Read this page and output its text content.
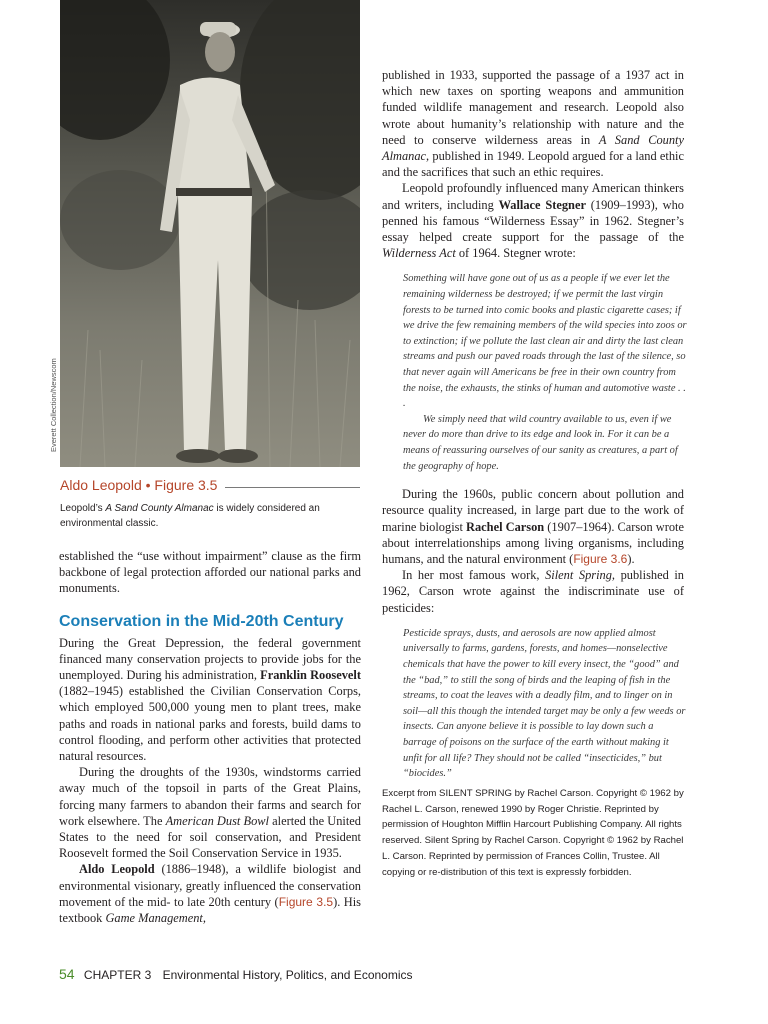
Everett Collection/Newscom
Aldo Leopold • Figure 3.5
Leopold’s A Sand County Almanac is widely considered an environmental classic.

established the “use without impairment” clause as the firm backbone of legal protection afforded our national parks and monuments.

Conservation in the Mid-20th Century

During the Great Depression, the federal government financed many conservation projects to provide jobs for the unemployed. During his administration, Franklin Roosevelt (1882–1945) established the Civilian Conservation Corps, which employed 500,000 young men to plant trees, make paths and roads in national parks and forests, build dams to control flooding, and perform other activities that protected natural resources.

During the droughts of the 1930s, windstorms carried away much of the topsoil in parts of the Great Plains, forcing many farmers to abandon their farms and search for work elsewhere. The American Dust Bowl alerted the United States to the need for soil conservation, and President Roosevelt formed the Soil Conservation Service in 1935.

Aldo Leopold (1886–1948), a wildlife biologist and environmental visionary, greatly influenced the conservation movement of the mid- to late 20th century (Figure 3.5). His textbook Game Management,

published in 1933, supported the passage of a 1937 act in which new taxes on sporting weapons and ammunition funded wildlife management and research. Leopold also wrote about humanity’s relationship with nature and the need to conserve wilderness areas in A Sand County Almanac, published in 1949. Leopold argued for a land ethic and the sacrifices that such an ethic requires.

Leopold profoundly influenced many American thinkers and writers, including Wallace Stegner (1909–1993), who penned his famous “Wilderness Essay” in 1962. Stegner’s essay helped create support for the passage of the Wilderness Act of 1964. Stegner wrote:

Something will have gone out of us as a people if we ever let the remaining wilderness be destroyed; if we permit the last virgin forests to be turned into comic books and plastic cigarette cases; if we drive the few remaining members of the wild species into zoos or to extinction; if we pollute the last clean air and dirty the last clean streams and push our paved roads through the last of the silence, so that never again will Americans be free in their own country from the noise, the exhausts, the stinks of human and automotive waste . . .

We simply need that wild country available to us, even if we never do more than drive to its edge and look in. For it can be a means of reassuring ourselves of our sanity as creatures, a part of the geography of hope.

During the 1960s, public concern about pollution and resource quality increased, in large part due to the work of marine biologist Rachel Carson (1907–1964). Carson wrote about interrelationships among living organisms, including humans, and the natural environment (Figure 3.6).

In her most famous work, Silent Spring, published in 1962, Carson wrote against the indiscriminate use of pesticides:

Pesticide sprays, dusts, and aerosols are now applied almost universally to farms, gardens, forests, and homes—nonselective chemicals that have the power to kill every insect, the “good” and the “bad,” to still the song of birds and the leaping of fish in the streams, to coat the leaves with a deadly film, and to linger on in soil—all this though the intended target may be only a few weeds or insects. Can anyone believe it is possible to lay down such a barrage of poisons on the surface of the earth without making it unfit for all life? They should not be called “insecticides,” but “biocides.”

Excerpt from SILENT SPRING by Rachel Carson. Copyright © 1962 by Rachel L. Carson, renewed 1990 by Roger Christie. Reprinted by permission of Houghton Mifflin Harcourt Publishing Company. All rights reserved. Silent Spring by Rachel Carson. Copyright © 1962 by Rachel L. Carson. Reprinted by permission of Frances Collin, Trustee. All copying or re-distribution of this text is expressly forbidden.

54 CHAPTER 3 Environmental History, Politics, and Economics
